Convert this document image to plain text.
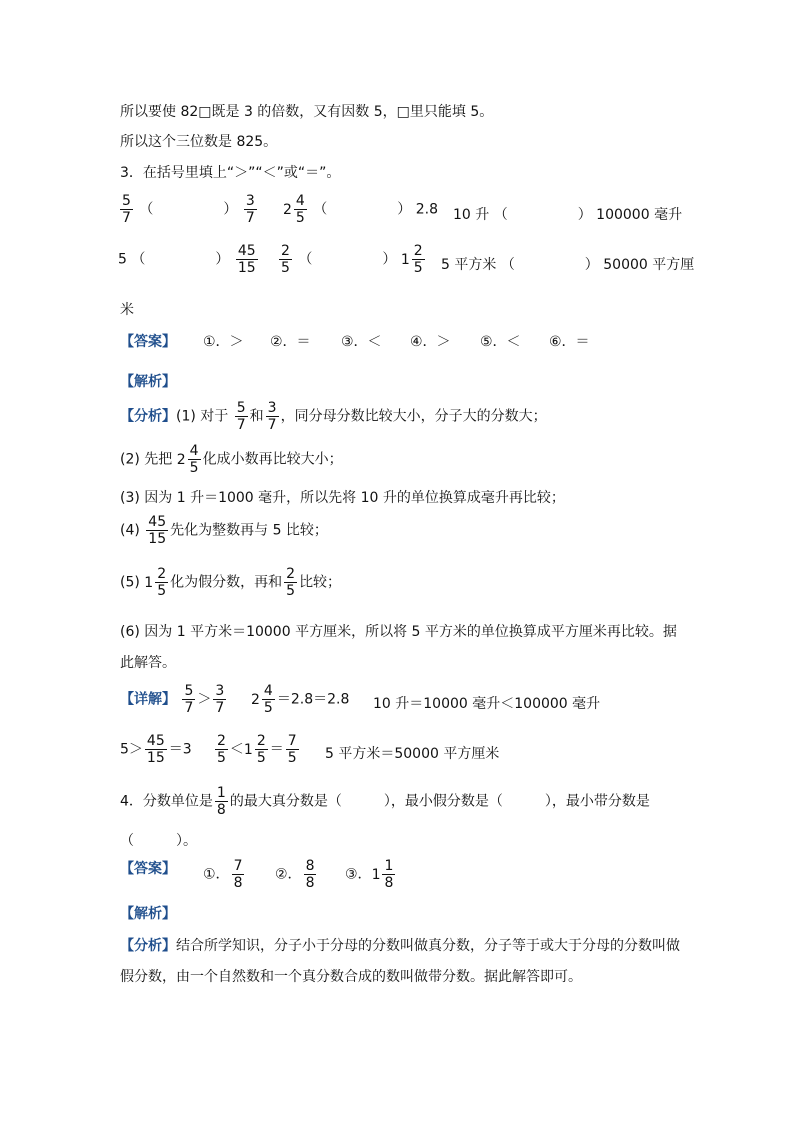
所以要使 82□既是 3 的倍数，又有因数 5，□里只能填 5。
所以这个三位数是 825。
3．在括号里填上“＞”“＜”或“＝”。
$\frac{5}{7}$ （　　　　　） $\frac{3}{7} 2 \frac{4}{5}$ （　　　　　） 2.8 10 升 （　　　　　） 100000 毫升
5 （　　　　　） $\frac{45}{15} \frac{2}{5}$ （　　　　　） $1 \frac{2}{5} 5$ 平方米 （　　　　　） 50000 平方厘
米
【答案】 ①．＞ ②．＝ ③．＜ ④．＞ ⑤．＜ ⑥．＝
【解析】
【分析】(1) 对于 $\frac{5}{7}$ 和 $\frac{3}{7}$ ，同分母分数比较大小，分子大的分数大；
(2) 先把 $2 \frac{4}{5}$ 化成小数再比较大小；
(3) 因为 1 升＝1000 毫升，所以先将 10 升的单位换算成毫升再比较；
$(4) \frac{45}{15}$ 先化为整数再与 5 比较；
(5) $1 \frac{2}{5}$ 化为假分数，再和 $\frac{2}{5}$ 比较；
(6) 因为 1 平方米＝10000 平方厘米，所以将 5 平方米的单位换算成平方厘米再比较。据
此解答。
【详解】 $\frac{5}{7} > \frac{3}{7} 2 \frac{4}{5} =2.8=2.8$ 10 升＝10000 毫升＜100000 毫升
$5> \frac{45}{15} =3 \frac{2}{5} <1 \frac{2}{5} = \frac{7}{5} 5$ 平方米＝50000 平方厘米
4．分数单位是 $\frac{1}{8}$ 的最大真分数是（　　　），最小假分数是（　　　），最小带分数是
（　　　）。
【答案】 ①． $\frac{7}{8}$ ②． $\frac{8}{8}$ ③．$1 \frac{1}{8}$
【解析】
【分析】结合所学知识，分子小于分母的分数叫做真分数，分子等于或大于分母的分数叫做
假分数，由一个自然数和一个真分数合成的数叫做带分数。据此解答即可。
